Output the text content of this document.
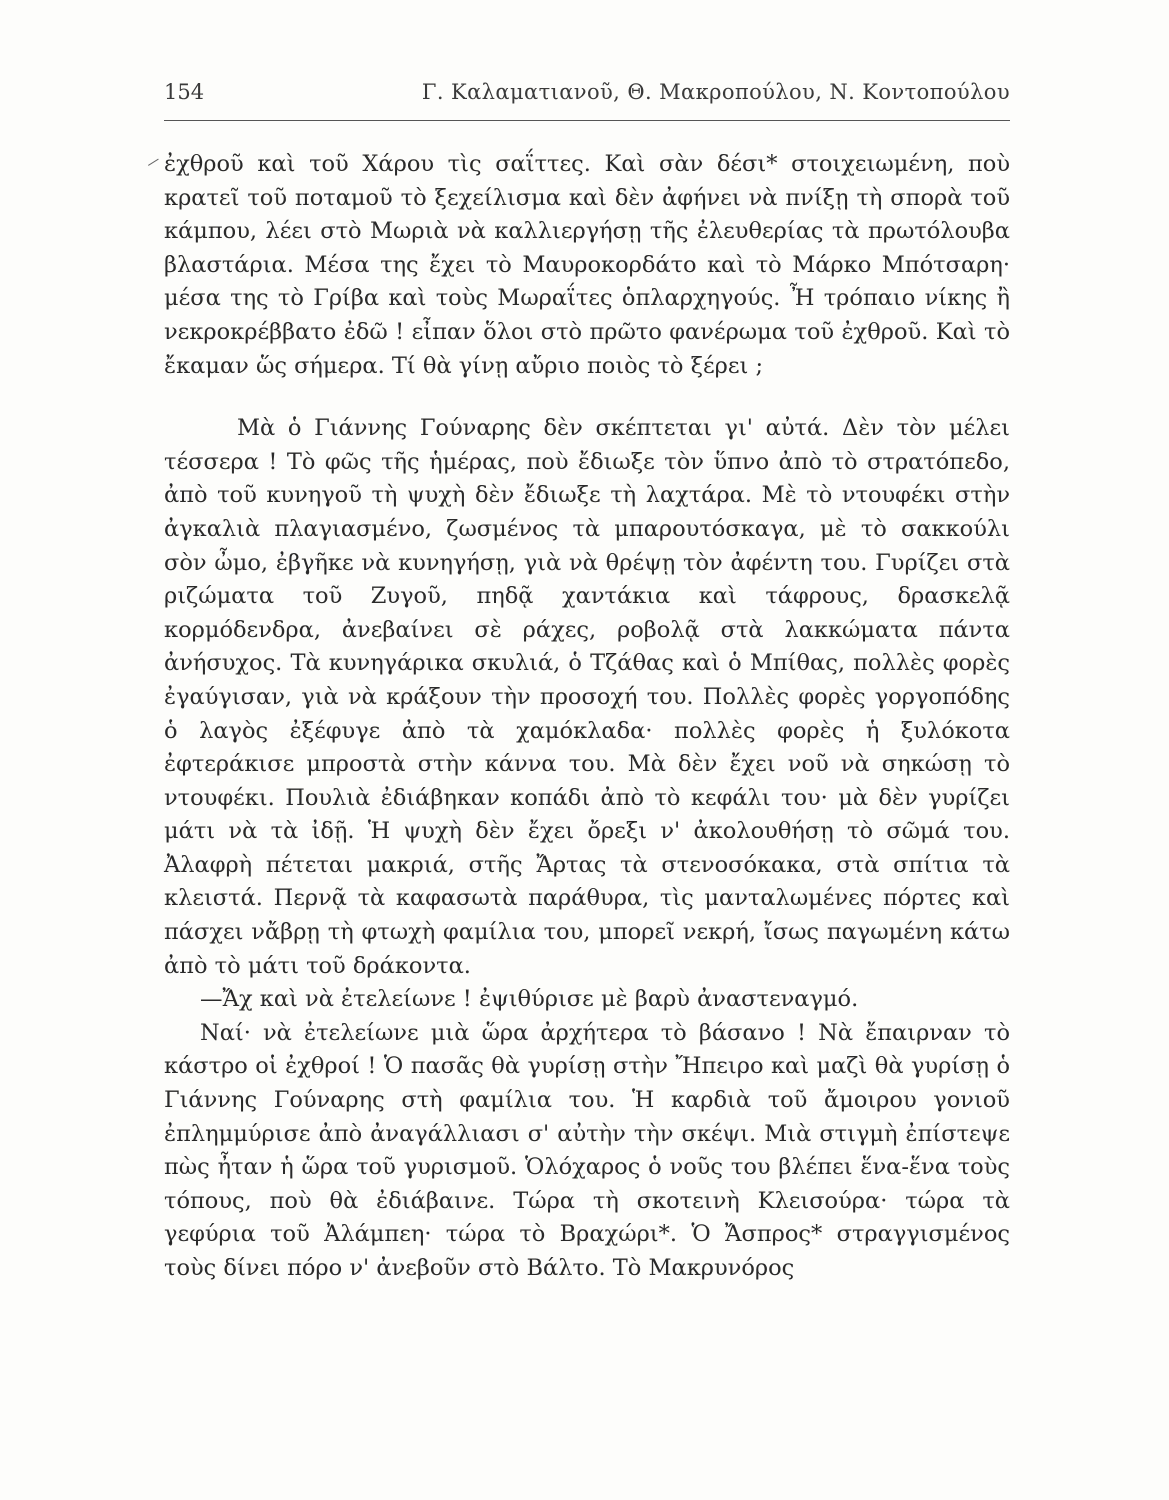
154	Γ. Καλαματιανοῦ, Θ. Μακροπούλου, Ν. Κοντοπούλου

ἐχθροῦ καὶ τοῦ Χάρου τὶς σαΐττες. Καὶ σὰν δέσι* στοιχειωμένη, ποὺ κρατεῖ τοῦ ποταμοῦ τὸ ξεχείλισμα καὶ δὲν ἀφήνει νὰ πνίξῃ τὴ σπορὰ τοῦ κάμπου, λέει στὸ Μωριὰ νὰ καλλιεργήσῃ τῆς ἐλευθερίας τὰ πρωτόλουβα βλαστάρια. Μέσα της ἔχει τὸ Μαυροκορδάτο καὶ τὸ Μάρκο Μπότσαρη· μέσα της τὸ Γρίβα καὶ τοὺς Μωραΐτες ὁπλαρχηγούς. Ἦ τρόπαιο νίκης ἢ νεκροκρέββατο ἐδῶ ! εἶπαν ὅλοι στὸ πρῶτο φανέρωμα τοῦ ἐχθροῦ. Καὶ τὸ ἔκαμαν ὥς σήμερα. Τί θὰ γίνῃ αὔριο ποιὸς τὸ ξέρει ;

Μὰ ὁ Γιάννης Γούναρης δὲν σκέπτεται γι' αὐτά. Δὲν τὸν μέλει τέσσερα ! Τὸ φῶς τῆς ἡμέρας, ποὺ ἔδιωξε τὸν ὕπνο ἀπὸ τὸ στρατόπεδο, ἀπὸ τοῦ κυνηγοῦ τὴ ψυχὴ δὲν ἔδιωξε τὴ λαχτάρα. Μὲ τὸ ντουφέκι στὴν ἀγκαλιὰ πλαγιασμένο, ζωσμένος τὰ μπαρουτόσκαγα, μὲ τὸ σακκούλι σὸν ὦμο, ἐβγῆκε νὰ κυνηγήσῃ, γιὰ νὰ θρέψῃ τὸν ἀφέντη του. Γυρίζει στὰ ριζώματα τοῦ Ζυγοῦ, πηδᾷ χαντάκια καὶ τάφρους, δρασκελᾷ κορμόδενδρα, ἀνεβαίνει σὲ ράχες, ροβολᾷ στὰ λακκώματα πάντα ἀνήσυχος. Τὰ κυνηγάρικα σκυλιά, ὁ Τζάθας καὶ ὁ Μπίθας, πολλὲς φορὲς ἐγαύγισαν, γιὰ νὰ κράξουν τὴν προσοχή του. Πολλὲς φορὲς γοργοπόδης ὁ λαγὸς ἐξέφυγε ἀπὸ τὰ χαμόκλαδα· πολλὲς φορὲς ἡ ξυλόκοτα ἐφτεράκισε μπροστὰ στὴν κάννα του. Μὰ δὲν ἔχει νοῦ νὰ σηκώσῃ τὸ ντουφέκι. Πουλιὰ ἐδιάβηκαν κοπάδι ἀπὸ τὸ κεφάλι του· μὰ δὲν γυρίζει μάτι νὰ τὰ ἰδῇ. Ἡ ψυχὴ δὲν ἔχει ὄρεξι ν' ἀκολουθήσῃ τὸ σῶμά του. Ἀλαφρὴ πέτεται μακριά, στῆς Ἄρτας τὰ στενοσόκακα, στὰ σπίτια τὰ κλειστά. Περνᾷ τὰ καφασωτὰ παράθυρα, τὶς μανταλωμένες πόρτες καὶ πάσχει νἄβρῃ τὴ φτωχὴ φαμίλια του, μπορεῖ νεκρή, ἴσως παγωμένη κάτω ἀπὸ τὸ μάτι τοῦ δράκοντα.

—Ἄχ καὶ νὰ ἐτελείωνε ! ἐψιθύρισε μὲ βαρὺ ἀναστεναγμό.

Ναί· νὰ ἐτελείωνε μιὰ ὥρα ἀρχήτερα τὸ βάσανο ! Νὰ ἔπαιρναν τὸ κάστρο οἱ ἐχθροί ! Ὁ πασᾶς θὰ γυρίσῃ στὴν Ἤπειρο καὶ μαζὶ θὰ γυρίσῃ ὁ Γιάννης Γούναρης στὴ φαμίλια του. Ἡ καρδιὰ τοῦ ἄμοιρου γονιοῦ ἐπλημμύρισε ἀπὸ ἀναγάλλιασι σ' αὐτὴν τὴν σκέψι. Μιὰ στιγμὴ ἐπίστεψε πὼς ἦταν ἡ ὥρα τοῦ γυρισμοῦ. Ὁλόχαρος ὁ νοῦς του βλέπει ἕνα-ἕνα τοὺς τόπους, ποὺ θὰ ἐδιάβαινε. Τώρα τὴ σκοτεινὴ Κλεισούρα· τώρα τὰ γεφύρια τοῦ Ἀλάμπεη· τώρα τὸ Βραχώρι*. Ὁ Ἄσπρος* στραγγισμένος τοὺς δίνει πόρο ν' ἀνεβοῦν στὸ Βάλτο. Τὸ Μακρυνόρος
